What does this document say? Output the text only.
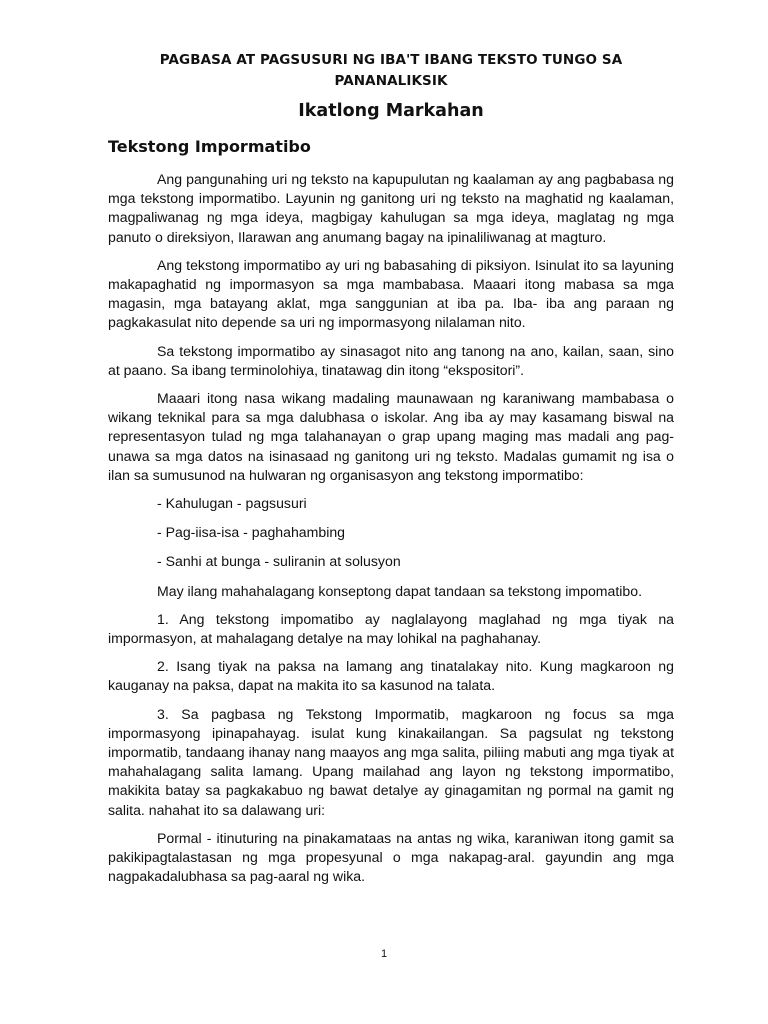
PAGBASA AT PAGSUSURI NG IBA'T IBANG TEKSTO TUNGO SA PANANALIKSIK

Ikatlong Markahan

Tekstong Impormatibo

Ang pangunahing uri ng teksto na kapupulutan ng kaalaman ay ang pagbabasa ng mga tekstong impormatibo. Layunin ng ganitong uri ng teksto na maghatid ng kaalaman, magpaliwanag ng mga ideya, magbigay kahulugan sa mga ideya, maglatag ng mga panuto o direksiyon, Ilarawan ang anumang bagay na ipinaliliwanag at magturo.

Ang tekstong impormatibo ay uri ng babasahing di piksiyon. Isinulat ito sa layuning makapaghatid ng impormasyon sa mga mambabasa. Maaari itong mabasa sa mga magasin, mga batayang aklat, mga sanggunian at iba pa. Iba- iba ang paraan ng pagkakasulat nito depende sa uri ng impormasyong nilalaman nito.

Sa tekstong impormatibo ay sinasagot nito ang tanong na ano, kailan, saan, sino at paano. Sa ibang terminolohiya, tinatawag din itong “ekspositori”.

Maaari itong nasa wikang madaling maunawaan ng karaniwang mambabasa o wikang teknikal para sa mga dalubhasa o iskolar. Ang iba ay may kasamang biswal na representasyon tulad ng mga talahanayan o grap upang maging mas madali ang pag-unawa sa mga datos na isinasaad ng ganitong uri ng teksto. Madalas gumamit ng isa o ilan sa sumusunod na hulwaran ng organisasyon ang tekstong impormatibo:

- Kahulugan - pagsusuri

- Pag-iisa-isa - paghahambing

- Sanhi at bunga - suliranin at solusyon

May ilang mahahalagang konseptong dapat tandaan sa tekstong impomatibo.

1. Ang tekstong impomatibo ay naglalayong maglahad ng mga tiyak na impormasyon, at mahalagang detalye na may lohikal na paghahanay.

2. Isang tiyak na paksa na lamang ang tinatalakay nito. Kung magkaroon ng kauganay na paksa, dapat na makita ito sa kasunod na talata.

3. Sa pagbasa ng Tekstong Impormatib, magkaroon ng focus sa mga impormasyong ipinapahayag. isulat kung kinakailangan. Sa pagsulat ng tekstong impormatib, tandaang ihanay nang maayos ang mga salita, piliing mabuti ang mga tiyak at mahahalagang salita lamang. Upang mailahad ang layon ng tekstong impormatibo, makikita batay sa pagkakabuo ng bawat detalye ay ginagamitan ng pormal na gamit ng salita. nahahat ito sa dalawang uri:

Pormal - itinuturing na pinakamataas na antas ng wika, karaniwan itong gamit sa pakikipagtalastasan ng mga propesyunal o mga nakapag-aral. gayundin ang mga nagpakadalubhasa sa pag-aaral ng wika.

1
